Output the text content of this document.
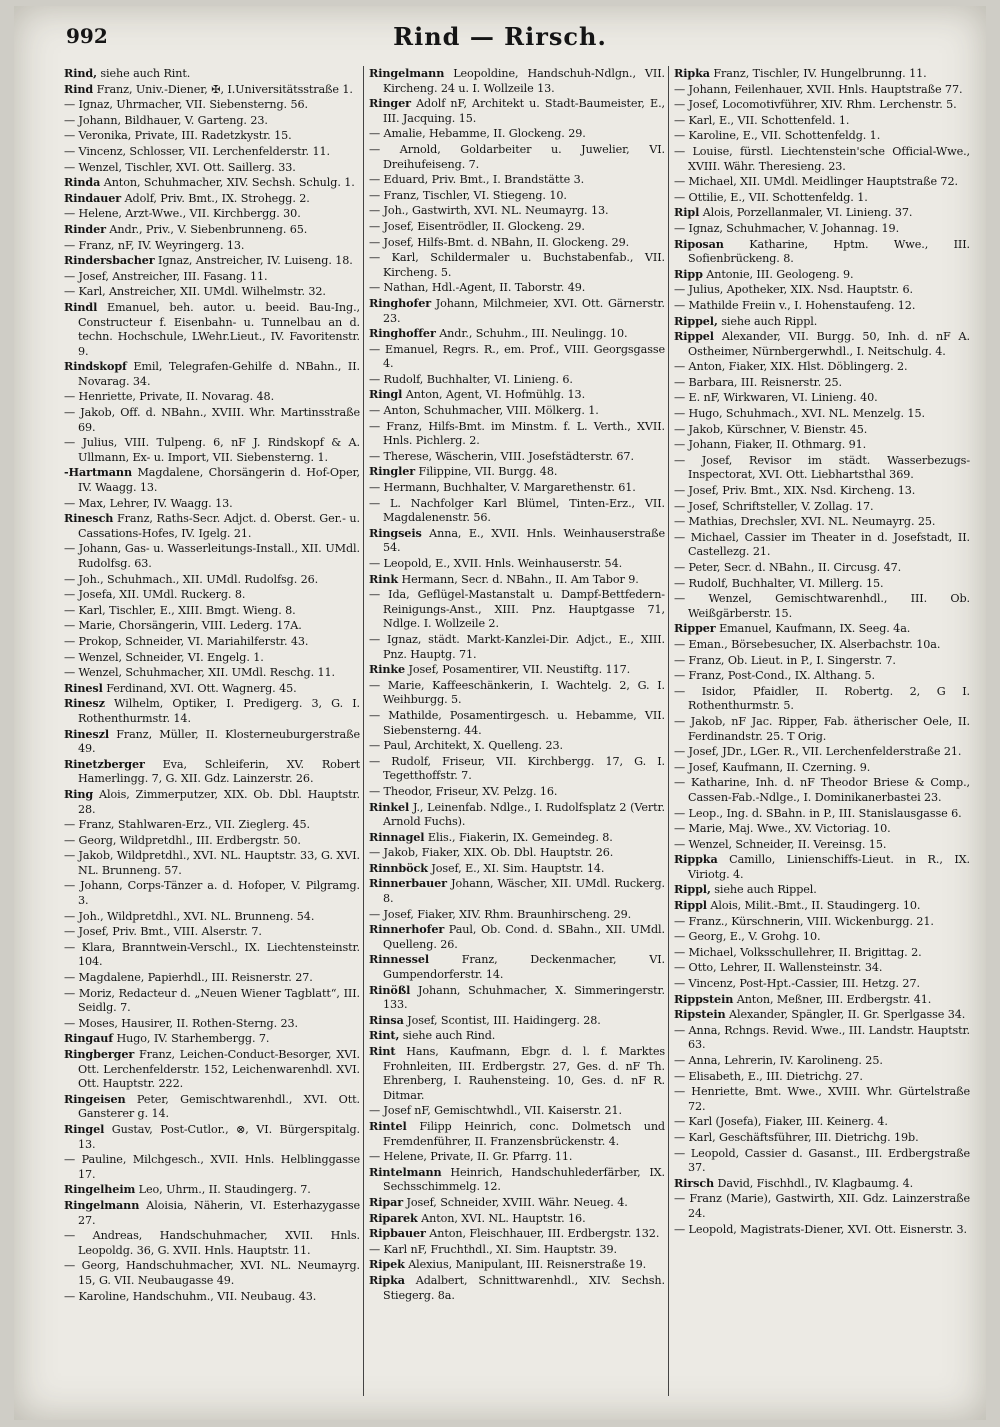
992	Rind — Rirsch.

Rind, siehe auch Rint.

Rind Franz, Univ.-Diener, ✠, I.Universitätsstraße 1.

— Ignaz, Uhrmacher, VII. Siebensterng. 56.

— Johann, Bildhauer, V. Garteng. 23.

— Veronika, Private, III. Radetzkystr. 15.

— Vincenz, Schlosser, VII. Lerchenfelderstr. 11.

— Wenzel, Tischler, XVI. Ott. Saillerg. 33.

Rinda Anton, Schuhmacher, XIV. Sechsh. Schulg. 1.

Rindauer Adolf, Priv. Bmt., IX. Strohegg. 2.

— Helene, Arzt-Wwe., VII. Kirchbergg. 30.

Rinder Andr., Priv., V. Siebenbrunneng. 65.

— Franz, nF, IV. Weyringerg. 13.

Rindersbacher Ignaz, Anstreicher, IV. Luiseng. 18.

— Josef, Anstreicher, III. Fasang. 11.

— Karl, Anstreicher, XII. UMdl. Wilhelmstr. 32.

Rindl Emanuel, beh. autor. u. beeid. Bau-Ing., Constructeur f. Eisenbahn- u. Tunnelbau an d. techn. Hochschule, LWehr.Lieut., IV. Favoritenstr. 9.

Rindskopf Emil, Telegrafen-Gehilfe d. NBahn., II. Novarag. 34.

— Henriette, Private, II. Novarag. 48.

— Jakob, Off. d. NBahn., XVIII. Whr. Martinsstraße 69.

— Julius, VIII. Tulpeng. 6, nF J. Rindskopf & A. Ullmann, Ex- u. Import, VII. Siebensterng. 1.

-Hartmann Magdalene, Chorsängerin d. Hof-Oper, IV. Waagg. 13.

— Max, Lehrer, IV. Waagg. 13.

Rinesch Franz, Raths-Secr. Adjct. d. Oberst. Ger.- u. Cassations-Hofes, IV. Igelg. 21.

— Johann, Gas- u. Wasserleitungs-Install., XII. UMdl. Rudolfsg. 63.

— Joh., Schuhmach., XII. UMdl. Rudolfsg. 26.

— Josefa, XII. UMdl. Ruckerg. 8.

— Karl, Tischler, E., XIII. Bmgt. Wieng. 8.

— Marie, Chorsängerin, VIII. Lederg. 17A.

— Prokop, Schneider, VI. Mariahilferstr. 43.

— Wenzel, Schneider, VI. Engelg. 1.

— Wenzel, Schuhmacher, XII. UMdl. Reschg. 11.

Rinesl Ferdinand, XVI. Ott. Wagnerg. 45.

Rinesz Wilhelm, Optiker, I. Predigerg. 3, G. I. Rothenthurmstr. 14.

Rineszl Franz, Müller, II. Klosterneuburgerstraße 49.

Rinetzberger Eva, Schleiferin, XV. Robert Hamerlingg. 7, G. XII. Gdz. Lainzerstr. 26.

Ring Alois, Zimmerputzer, XIX. Ob. Dbl. Hauptstr. 28.

— Franz, Stahlwaren-Erz., VII. Zieglerg. 45.

— Georg, Wildpretdhl., III. Erdbergstr. 50.

— Jakob, Wildpretdhl., XVI. NL. Hauptstr. 33, G. XVI. NL. Brunneng. 57.

— Johann, Corps-Tänzer a. d. Hofoper, V. Pilgramg. 3.

— Joh., Wildpretdhl., XVI. NL. Brunneng. 54.

— Josef, Priv. Bmt., VIII. Alserstr. 7.

— Klara, Branntwein-Verschl., IX. Liechtensteinstr. 104.

— Magdalene, Papierhdl., III. Reisnerstr. 27.

— Moriz, Redacteur d. „Neuen Wiener Tagblatt“, III. Seidlg. 7.

— Moses, Hausirer, II. Rothen-Sterng. 23.

Ringauf Hugo, IV. Starhembergg. 7.

Ringberger Franz, Leichen-Conduct-Besorger, XVI. Ott. Lerchenfelderstr. 152, Leichenwarenhdl. XVI. Ott. Hauptstr. 222.

Ringeisen Peter, Gemischtwarenhdl., XVI. Ott. Gansterer g. 14.

Ringel Gustav, Post-Cutlor., ⊗, VI. Bürgerspitalg. 13.

— Pauline, Milchgesch., XVII. Hnls. Helblinggasse 17.

Ringelheim Leo, Uhrm., II. Staudingerg. 7.

Ringelmann Aloisia, Näherin, VI. Esterhazygasse 27.

— Andreas, Handschuhmacher, XVII. Hnls. Leopoldg. 36, G. XVII. Hnls. Hauptstr. 11.

— Georg, Handschuhmacher, XVI. NL. Neumayrg. 15, G. VII. Neubaugasse 49.

— Karoline, Handschuhm., VII. Neubaug. 43.

Ringelmann Leopoldine, Handschuh-Ndlgn., VII. Kircheng. 24 u. I. Wollzeile 13.

Ringer Adolf nF, Architekt u. Stadt-Baumeister, E., III. Jacquing. 15.

— Amalie, Hebamme, II. Glockeng. 29.

— Arnold, Goldarbeiter u. Juwelier, VI. Dreihufeiseng. 7.

— Eduard, Priv. Bmt., I. Brandstätte 3.

— Franz, Tischler, VI. Stiegeng. 10.

— Joh., Gastwirth, XVI. NL. Neumayrg. 13.

— Josef, Eisentrödler, II. Glockeng. 29.

— Josef, Hilfs-Bmt. d. NBahn, II. Glockeng. 29.

— Karl, Schildermaler u. Buchstabenfab., VII. Kircheng. 5.

— Nathan, Hdl.-Agent, II. Taborstr. 49.

Ringhofer Johann, Milchmeier, XVI. Ott. Gärnerstr. 23.

Ringhoffer Andr., Schuhm., III. Neulingg. 10.

— Emanuel, Regrs. R., em. Prof., VIII. Georgsgasse 4.

— Rudolf, Buchhalter, VI. Linieng. 6.

Ringl Anton, Agent, VI. Hofmühlg. 13.

— Anton, Schuhmacher, VIII. Mölkerg. 1.

— Franz, Hilfs-Bmt. im Minstm. f. L. Verth., XVII. Hnls. Pichlerg. 2.

— Therese, Wäscherin, VIII. Josefstädterstr. 67.

Ringler Filippine, VII. Burgg. 48.

— Hermann, Buchhalter, V. Margarethenstr. 61.

— L. Nachfolger Karl Blümel, Tinten-Erz., VII. Magdalenenstr. 56.

Ringseis Anna, E., XVII. Hnls. Weinhauserstraße 54.

— Leopold, E., XVII. Hnls. Weinhauserstr. 54.

Rink Hermann, Secr. d. NBahn., II. Am Tabor 9.

— Ida, Geflügel-Mastanstalt u. Dampf-Bettfedern-Reinigungs-Anst., XIII. Pnz. Hauptgasse 71, Ndlge. I. Wollzeile 2.

— Ignaz, städt. Markt-Kanzlei-Dir. Adjct., E., XIII. Pnz. Hauptg. 71.

Rinke Josef, Posamentirer, VII. Neustiftg. 117.

— Marie, Kaffeeschänkerin, I. Wachtelg. 2, G. I. Weihburgg. 5.

— Mathilde, Posamentirgesch. u. Hebamme, VII. Siebensterng. 44.

— Paul, Architekt, X. Quelleng. 23.

— Rudolf, Friseur, VII. Kirchbergg. 17, G. I. Tegetthoffstr. 7.

— Theodor, Friseur, XV. Pelzg. 16.

Rinkel J., Leinenfab. Ndlge., I. Rudolfsplatz 2 (Vertr. Arnold Fuchs).

Rinnagel Elis., Fiakerin, IX. Gemeindeg. 8.

— Jakob, Fiaker, XIX. Ob. Dbl. Hauptstr. 26.

Rinnböck Josef, E., XI. Sim. Hauptstr. 14.

Rinnerbauer Johann, Wäscher, XII. UMdl. Ruckerg. 8.

— Josef, Fiaker, XIV. Rhm. Braunhirscheng. 29.

Rinnerhofer Paul, Ob. Cond. d. SBahn., XII. UMdl. Quelleng. 26.

Rinnessel Franz, Deckenmacher, VI. Gumpendorferstr. 14.

Rinößl Johann, Schuhmacher, X. Simmeringerstr. 133.

Rinsa Josef, Scontist, III. Haidingerg. 28.

Rint, siehe auch Rind.

Rint Hans, Kaufmann, Ebgr. d. l. f. Marktes Frohnleiten, III. Erdbergstr. 27, Ges. d. nF Th. Ehrenberg, I. Rauhensteing. 10, Ges. d. nF R. Ditmar.

— Josef nF, Gemischtwhdl., VII. Kaiserstr. 21.

Rintel Filipp Heinrich, conc. Dolmetsch und Fremdenführer, II. Franzensbrückenstr. 4.

— Helene, Private, II. Gr. Pfarrg. 11.

Rintelmann Heinrich, Handschuhlederfärber, IX. Sechsschimmelg. 12.

Ripar Josef, Schneider, XVIII. Währ. Neueg. 4.

Riparek Anton, XVI. NL. Hauptstr. 16.

Ripbauer Anton, Fleischhauer, III. Erdbergstr. 132.

— Karl nF, Fruchthdl., XI. Sim. Hauptstr. 39.

Ripek Alexius, Manipulant, III. Reisnerstraße 19.

Ripka Adalbert, Schnittwarenhdl., XIV. Sechsh. Stiegerg. 8a.

Ripka Franz, Tischler, IV. Hungelbrunng. 11.

— Johann, Feilenhauer, XVII. Hnls. Hauptstraße 77.

— Josef, Locomotivführer, XIV. Rhm. Lerchenstr. 5.

— Karl, E., VII. Schottenfeld. 1.

— Karoline, E., VII. Schottenfeldg. 1.

— Louise, fürstl. Liechtenstein'sche Official-Wwe., XVIII. Währ. Theresieng. 23.

— Michael, XII. UMdl. Meidlinger Hauptstraße 72.

— Ottilie, E., VII. Schottenfeldg. 1.

Ripl Alois, Porzellanmaler, VI. Linieng. 37.

— Ignaz, Schuhmacher, V. Johannag. 19.

Riposan Katharine, Hptm. Wwe., III. Sofienbrückeng. 8.

Ripp Antonie, III. Geologeng. 9.

— Julius, Apotheker, XIX. Nsd. Hauptstr. 6.

— Mathilde Freiin v., I. Hohenstaufeng. 12.

Rippel, siehe auch Rippl.

Rippel Alexander, VII. Burgg. 50, Inh. d. nF A. Ostheimer, Nürnbergerwhdl., I. Neitschulg. 4.

— Anton, Fiaker, XIX. Hlst. Döblingerg. 2.

— Barbara, III. Reisnerstr. 25.

— E. nF, Wirkwaren, VI. Linieng. 40.

— Hugo, Schuhmach., XVI. NL. Menzelg. 15.

— Jakob, Kürschner, V. Bienstr. 45.

— Johann, Fiaker, II. Othmarg. 91.

— Josef, Revisor im städt. Wasserbezugs-Inspectorat, XVI. Ott. Liebhartsthal 369.

— Josef, Priv. Bmt., XIX. Nsd. Kircheng. 13.

— Josef, Schriftsteller, V. Zollag. 17.

— Mathias, Drechsler, XVI. NL. Neumayrg. 25.

— Michael, Cassier im Theater in d. Josefstadt, II. Castellezg. 21.

— Peter, Secr. d. NBahn., II. Circusg. 47.

— Rudolf, Buchhalter, VI. Millerg. 15.

— Wenzel, Gemischtwarenhdl., III. Ob. Weißgärberstr. 15.

Ripper Emanuel, Kaufmann, IX. Seeg. 4a.

— Eman., Börsebesucher, IX. Alserbachstr. 10a.

— Franz, Ob. Lieut. in P., I. Singerstr. 7.

— Franz, Post-Cond., IX. Althang. 5.

— Isidor, Pfaidler, II. Robertg. 2, G I. Rothenthurmstr. 5.

— Jakob, nF Jac. Ripper, Fab. ätherischer Oele, II. Ferdinandstr. 25. T Orig.

— Josef, JDr., LGer. R., VII. Lerchenfelderstraße 21.

— Josef, Kaufmann, II. Czerning. 9.

— Katharine, Inh. d. nF Theodor Briese & Comp., Cassen-Fab.-Ndlge., I. Dominikanerbastei 23.

— Leop., Ing. d. SBahn. in P., III. Stanislausgasse 6.

— Marie, Maj. Wwe., XV. Victoriag. 10.

— Wenzel, Schneider, II. Vereinsg. 15.

Rippka Camillo, Linienschiffs-Lieut. in R., IX. Viriotg. 4.

Rippl, siehe auch Rippel.

Rippl Alois, Milit.-Bmt., II. Staudingerg. 10.

— Franz., Kürschnerin, VIII. Wickenburgg. 21.

— Georg, E., V. Grohg. 10.

— Michael, Volksschullehrer, II. Brigittag. 2.

— Otto, Lehrer, II. Wallensteinstr. 34.

— Vincenz, Post-Hpt.-Cassier, III. Hetzg. 27.

Rippstein Anton, Meßner, III. Erdbergstr. 41.

Ripstein Alexander, Spängler, II. Gr. Sperlgasse 34.

— Anna, Rchngs. Revid. Wwe., III. Landstr. Hauptstr. 63.

— Anna, Lehrerin, IV. Karolineng. 25.

— Elisabeth, E., III. Dietrichg. 27.

— Henriette, Bmt. Wwe., XVIII. Whr. Gürtelstraße 72.

— Karl (Josefa), Fiaker, III. Keinerg. 4.

— Karl, Geschäftsführer, III. Dietrichg. 19b.

— Leopold, Cassier d. Gasanst., III. Erdbergstraße 37.

Rirsch David, Fischhdl., IV. Klagbaumg. 4.

— Franz (Marie), Gastwirth, XII. Gdz. Lainzerstraße 24.

— Leopold, Magistrats-Diener, XVI. Ott. Eisnerstr. 3.
